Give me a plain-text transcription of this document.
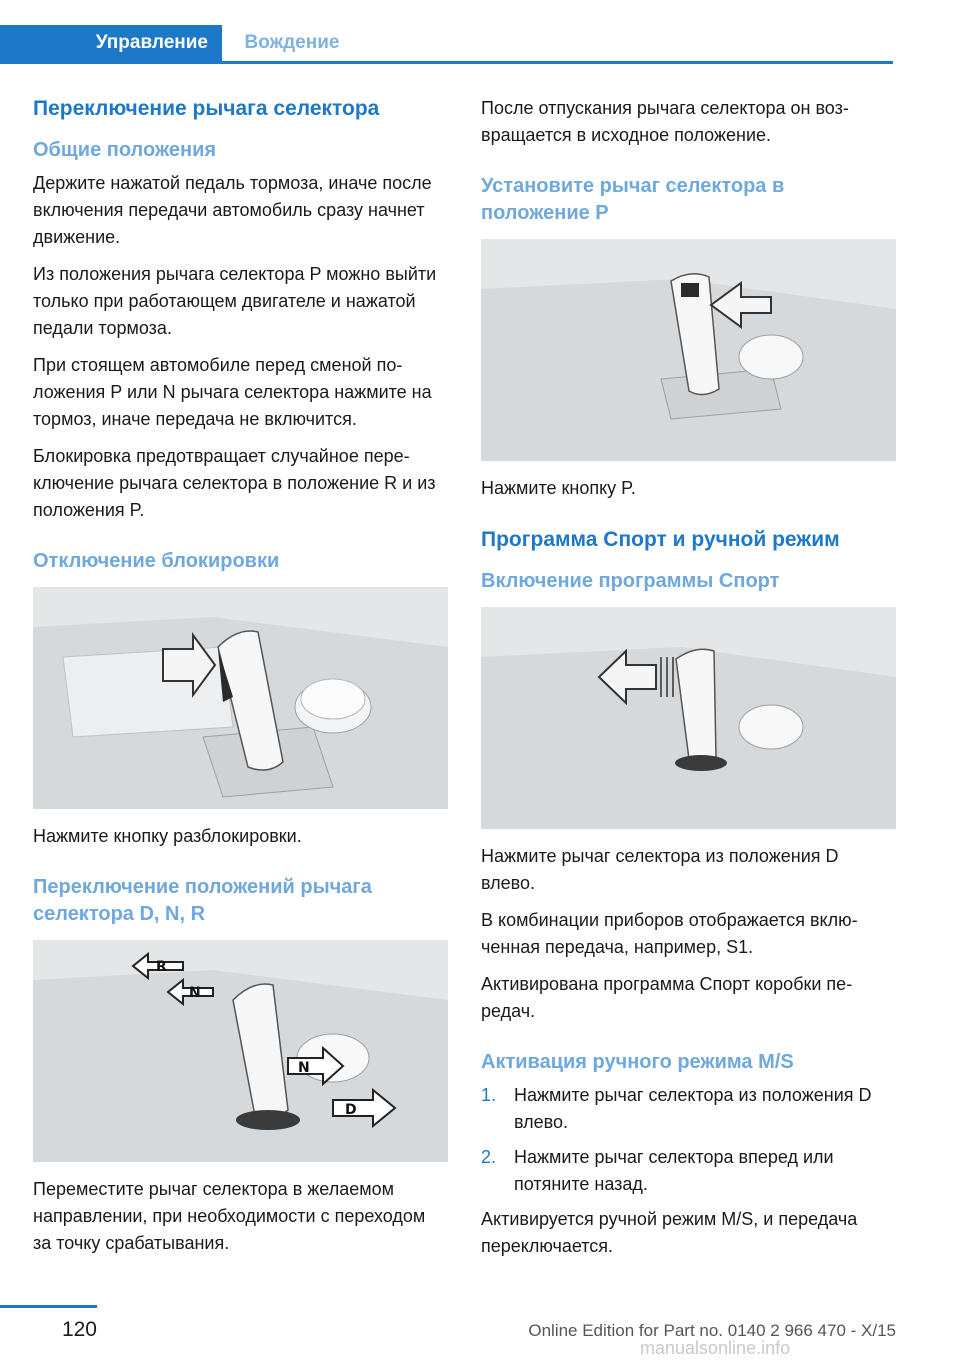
Управление	Вождение
Переключение рычага селектора
Общие положения

Держите нажатой педаль тормоза, иначе после включения передачи автомобиль сразу начнет движение.

Из положения рычага селектора P можно выйти только при работающем двигателе и нажатой педали тормоза.

При стоящем автомобиле перед сменой положения P или N рычага селектора нажмите на тормоз, иначе передача не включится.

Блокировка предотвращает случайное переключение рычага селектора в положение R и из положения P.

Отключение блокировки

Нажмите кнопку разблокировки.

Переключение положений рычага селектора D, N, R
R
N
N
D

Переместите рычаг селектора в желаемом направлении, при необходимости с переходом за точку срабатывания.

После отпускания рычага селектора он возвращается в исходное положение.

Установите рычаг селектора в положение P

Нажмите кнопку P.

Программа Спорт и ручной режим
Включение программы Спорт

Нажмите рычаг селектора из положения D влево.

В комбинации приборов отображается включенная передача, например, S1.

Активирована программа Спорт коробки передач.

Активация ручного режима M/S
1. Нажмите рычаг селектора из положения D влево.
2. Нажмите рычаг селектора вперед или потяните назад.

Активируется ручной режим M/S, и передача переключается.

120	Online Edition for Part no. 0140 2 966 470 - X/15
manualsonline.info
